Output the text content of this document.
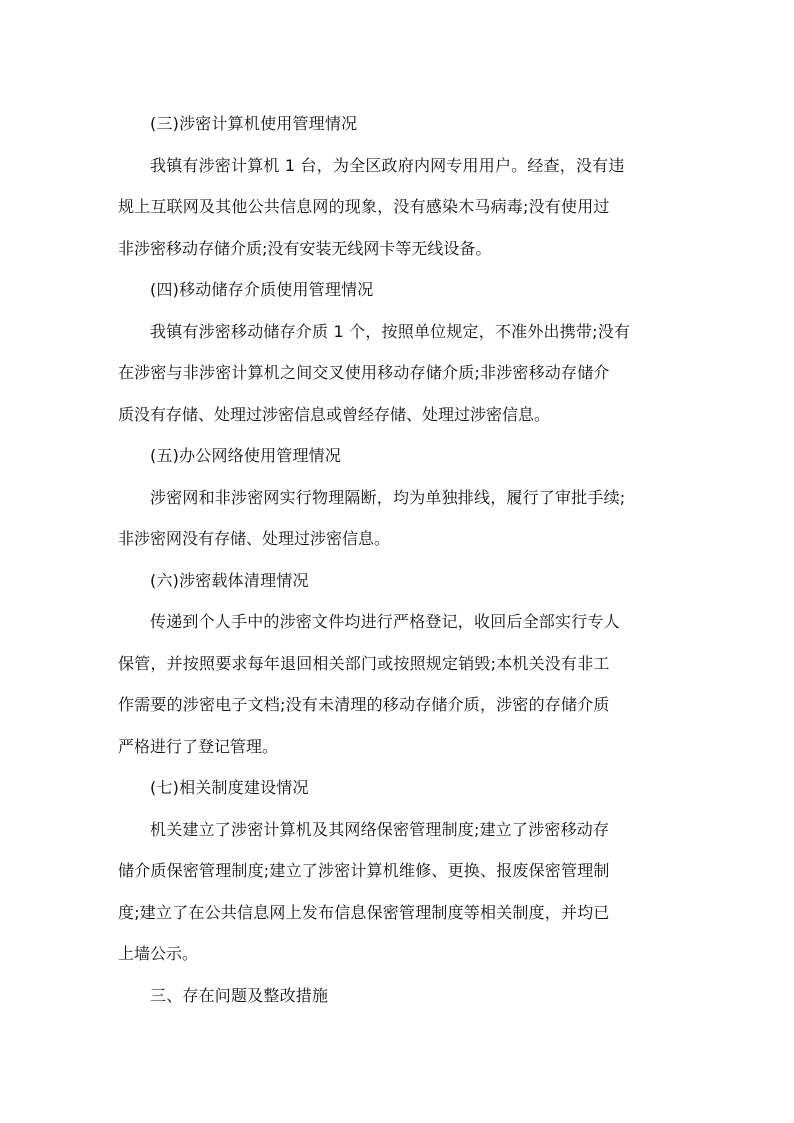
(三)涉密计算机使用管理情况

我镇有涉密计算机 1 台，为全区政府内网专用用户。经查，没有违

规上互联网及其他公共信息网的现象，没有感染木马病毒;没有使用过

非涉密移动存储介质;没有安装无线网卡等无线设备。

(四)移动储存介质使用管理情况

我镇有涉密移动储存介质 1 个，按照单位规定，不准外出携带;没有

在涉密与非涉密计算机之间交叉使用移动存储介质;非涉密移动存储介

质没有存储、处理过涉密信息或曾经存储、处理过涉密信息。

(五)办公网络使用管理情况

涉密网和非涉密网实行物理隔断，均为单独排线，履行了审批手续;

非涉密网没有存储、处理过涉密信息。

(六)涉密载体清理情况

传递到个人手中的涉密文件均进行严格登记，收回后全部实行专人

保管，并按照要求每年退回相关部门或按照规定销毁;本机关没有非工

作需要的涉密电子文档;没有未清理的移动存储介质，涉密的存储介质

严格进行了登记管理。

(七)相关制度建设情况

机关建立了涉密计算机及其网络保密管理制度;建立了涉密移动存

储介质保密管理制度;建立了涉密计算机维修、更换、报废保密管理制

度;建立了在公共信息网上发布信息保密管理制度等相关制度，并均已

上墙公示。

三、存在问题及整改措施
